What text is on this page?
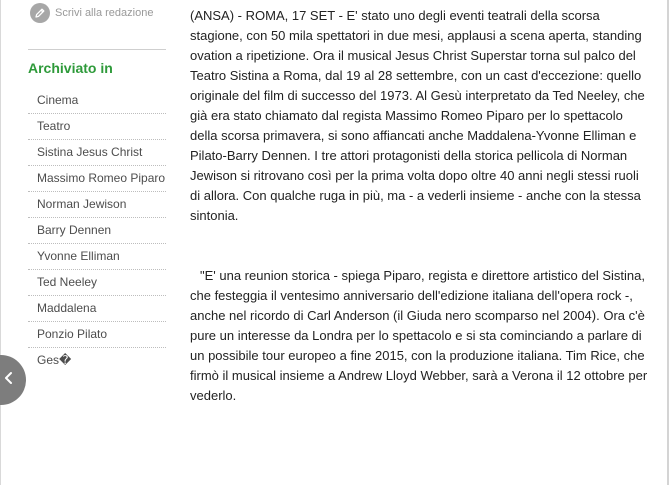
Scrivi alla redazione
Archiviato in
Cinema
Teatro
Sistina Jesus Christ
Massimo Romeo Piparo
Norman Jewison
Barry Dennen
Yvonne Elliman
Ted Neeley
Maddalena
Ponzio Pilato
Ges�

(ANSA) - ROMA, 17 SET - E' stato uno degli eventi teatrali della scorsa stagione, con 50 mila spettatori in due mesi, applausi a scena aperta, standing ovation a ripetizione. Ora il musical Jesus Christ Superstar torna sul palco del Teatro Sistina a Roma, dal 19 al 28 settembre, con un cast d'eccezione: quello originale del film di successo del 1973. Al Gesù interpretato da Ted Neeley, che già era stato chiamato dal regista Massimo Romeo Piparo per lo spettacolo della scorsa primavera, si sono affiancati anche Maddalena-Yvonne Elliman e Pilato-Barry Dennen. I tre attori protagonisti della storica pellicola di Norman Jewison si ritrovano così per la prima volta dopo oltre 40 anni negli stessi ruoli di allora. Con qualche ruga in più, ma - a vederli insieme - anche con la stessa sintonia.

"E' una reunion storica - spiega Piparo, regista e direttore artistico del Sistina, che festeggia il ventesimo anniversario dell'edizione italiana dell'opera rock -, anche nel ricordo di Carl Anderson (il Giuda nero scomparso nel 2004). Ora c'è pure un interesse da Londra per lo spettacolo e si sta cominciando a parlare di un possibile tour europeo a fine 2015, con la produzione italiana. Tim Rice, che firmò il musical insieme a Andrew Lloyd Webber, sarà a Verona il 12 ottobre per vederlo.
